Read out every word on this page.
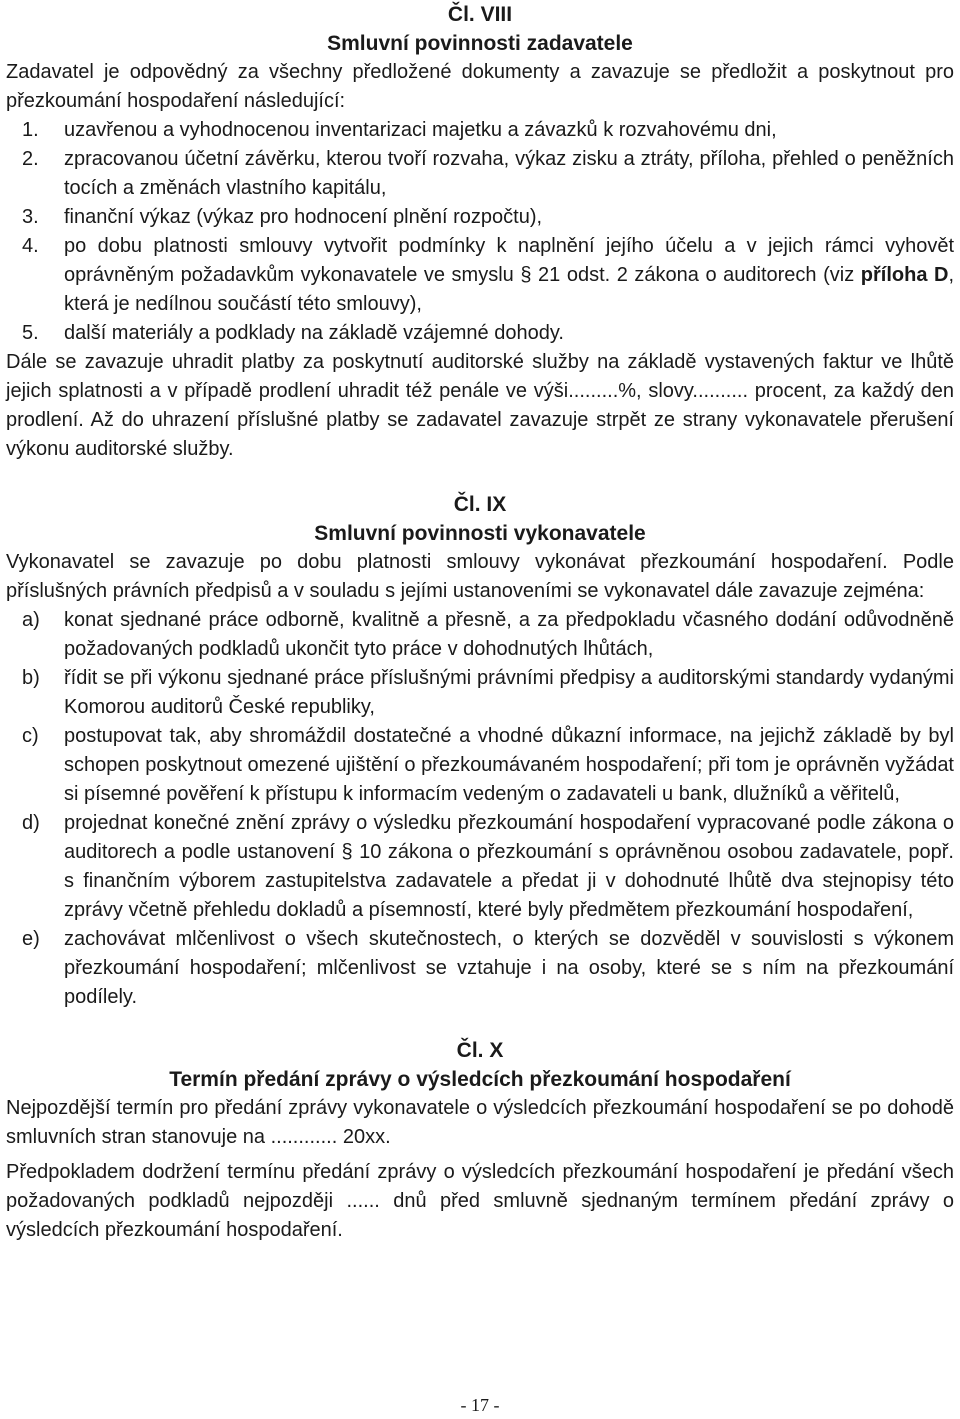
Čl. VIII
Smluvní povinnosti zadavatele

Zadavatel je odpovědný za všechny předložené dokumenty a zavazuje se předložit a poskytnout pro přezkoumání hospodaření následující:

1. uzavřenou a vyhodnocenou inventarizaci majetku a závazků k rozvahovému dni,
2. zpracovanou účetní závěrku, kterou tvoří rozvaha, výkaz zisku a ztráty, příloha, přehled o peněžních tocích a změnách vlastního kapitálu,
3. finanční výkaz (výkaz pro hodnocení plnění rozpočtu),
4. po dobu platnosti smlouvy vytvořit podmínky k naplnění jejího účelu a v jejich rámci vyhovět oprávněným požadavkům vykonavatele ve smyslu § 21 odst. 2 zákona o auditorech (viz příloha D, která je nedílnou součástí této smlouvy),
5. další materiály a podklady na základě vzájemné dohody.

Dále se zavazuje uhradit platby za poskytnutí auditorské služby na základě vystavených faktur ve lhůtě jejich splatnosti a v případě prodlení uhradit též penále ve výši.........%, slovy.......... procent, za každý den prodlení. Až do uhrazení příslušné platby se zadavatel zavazuje strpět ze strany vykonavatele přerušení výkonu auditorské služby.

Čl. IX
Smluvní povinnosti vykonavatele

Vykonavatel se zavazuje po dobu platnosti smlouvy vykonávat přezkoumání hospodaření. Podle příslušných právních předpisů a v souladu s jejími ustanoveními se vykonavatel dále zavazuje zejména:

a) konat sjednané práce odborně, kvalitně a přesně, a za předpokladu včasného dodání odůvodněně požadovaných podkladů ukončit tyto práce v dohodnutých lhůtách,
b) řídit se při výkonu sjednané práce příslušnými právními předpisy a auditorskými standardy vydanými Komorou auditorů České republiky,
c) postupovat tak, aby shromáždil dostatečné a vhodné důkazní informace, na jejichž základě by byl schopen poskytnout omezené ujištění o přezkoumávaném hospodaření; při tom je oprávněn vyžádat si písemné pověření k přístupu k informacím vedeným o zadavateli u bank, dlužníků a věřitelů,
d) projednat konečné znění zprávy o výsledku přezkoumání hospodaření vypracované podle zákona o auditorech a podle ustanovení § 10 zákona o přezkoumání s oprávněnou osobou zadavatele, popř. s finančním výborem zastupitelstva zadavatele a předat ji v dohodnuté lhůtě dva stejnopisy této zprávy včetně přehledu dokladů a písemností, které byly předmětem přezkoumání hospodaření,
e) zachovávat mlčenlivost o všech skutečnostech, o kterých se dozvěděl v souvislosti s výkonem přezkoumání hospodaření; mlčenlivost se vztahuje i na osoby, které se s ním na přezkoumání podílely.
Čl. X
Termín předání zprávy o výsledcích přezkoumání hospodaření

Nejpozdější termín pro předání zprávy vykonavatele o výsledcích přezkoumání hospodaření se po dohodě smluvních stran stanovuje na ............ 20xx.

Předpokladem dodržení termínu předání zprávy o výsledcích přezkoumání hospodaření je předání všech požadovaných podkladů nejpozději ...... dnů před smluvně sjednaným termínem předání zprávy o výsledcích přezkoumání hospodaření.

- 17 -
